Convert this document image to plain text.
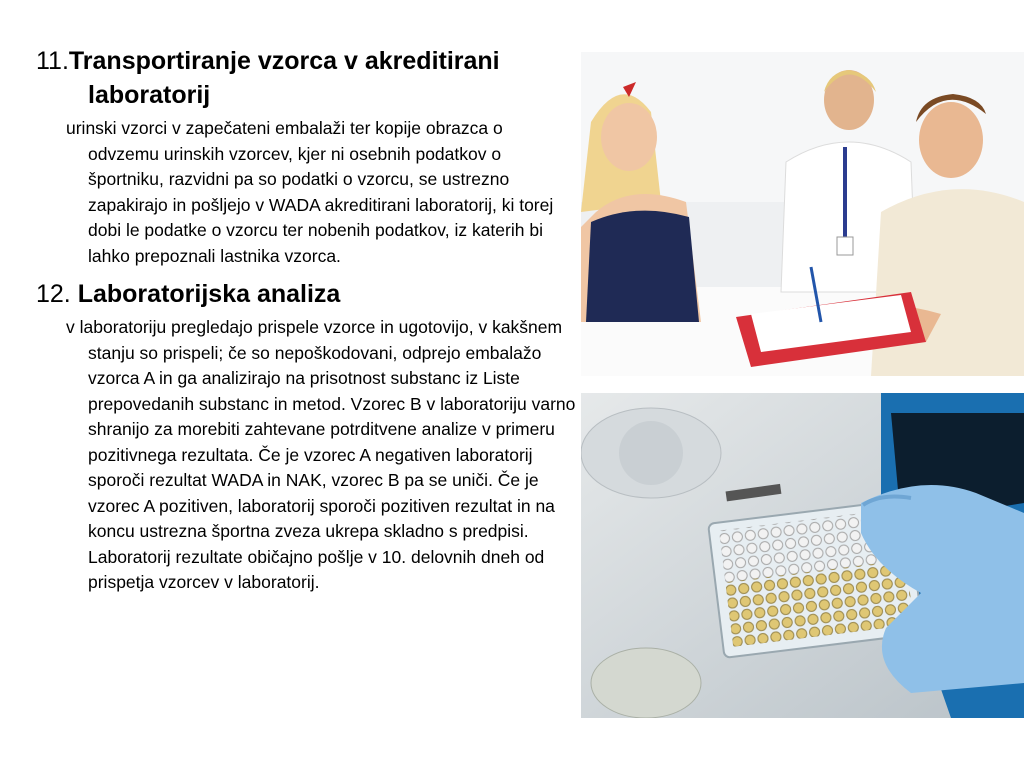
11.Transportiranje vzorca v akreditirani laboratorij

urinski vzorci v zapečateni embalaži ter kopije obrazca o odvzemu urinskih vzorcev, kjer ni osebnih podatkov o športniku, razvidni pa so podatki o vzorcu, se ustrezno zapakirajo in pošljejo v WADA akreditirani laboratorij, ki torej dobi le podatke o vzorcu ter nobenih podatkov, iz katerih bi lahko prepoznali lastnika vzorca.

12. Laboratorijska analiza

v laboratoriju pregledajo prispele vzorce in ugotovijo, v kakšnem stanju so prispeli; če so nepoškodovani, odprejo embalažo vzorca A in ga analizirajo na prisotnost substanc iz Liste prepovedanih substanc in metod. Vzorec B v laboratoriju varno shranijo za morebiti zahtevane potrditvene analize v primeru pozitivnega rezultata. Če je vzorec A negativen laboratorij sporoči rezultat WADA in NAK, vzorec B pa se uniči. Če je vzorec A pozitiven, laboratorij sporoči pozitiven rezultat in na koncu ustrezna športna zveza ukrepa skladno s predpisi. Laboratorij rezultate običajno pošlje v 10. delovnih dneh od prispetja vzorcev v laboratorij.
